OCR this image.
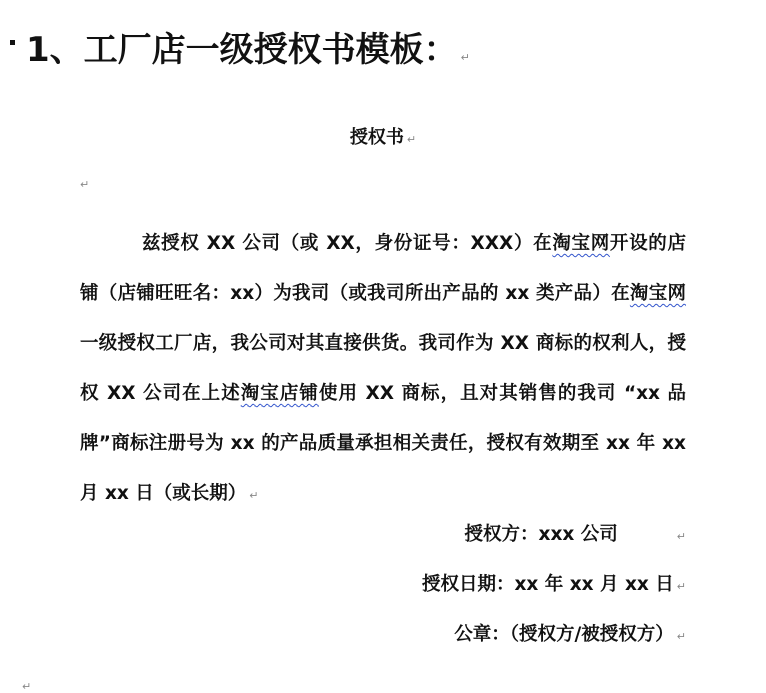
1、工厂店一级授权书模板： ↵
授权书 ↵
↵
兹授权 XX 公司（或 XX，身份证号：XXX）在淘宝网开设的店铺（店铺旺旺名：xx）为我司（或我司所出产品的 xx 类产品）在淘宝网一级授权工厂店，我公司对其直接供货。我司作为 XX 商标的权利人，授权 XX 公司在上述淘宝店铺使用 XX 商标，且对其销售的我司 “xx 品牌”商标注册号为 xx 的产品质量承担相关责任，授权有效期至 xx 年 xx 月 xx 日（或长期） ↵
授权方：xxx 公司	↵
授权日期：xx 年 xx 月 xx 日 ↵
公章：（授权方/被授权方） ↵
↵
